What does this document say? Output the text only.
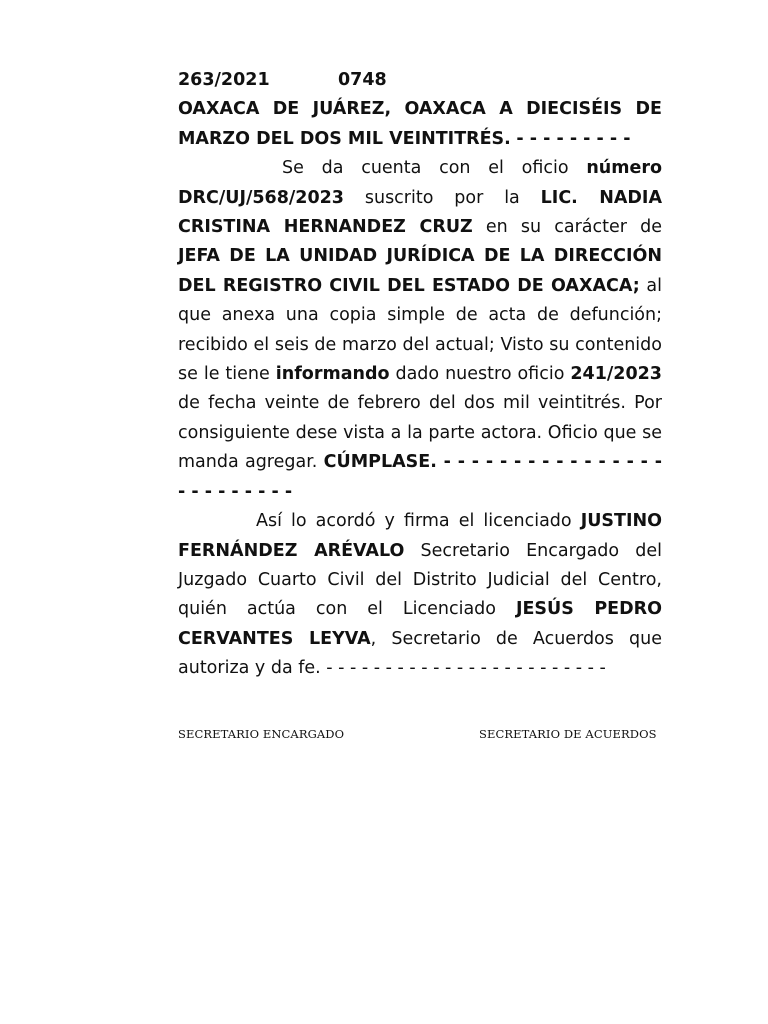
263/2021	0748

OAXACA DE JUÁREZ, OAXACA A DIECISÉIS DE MARZO DEL DOS MIL VEINTITRÉS. - - - - - - - - -

Se da cuenta con el oficio número DRC/UJ/568/2023 suscrito por la LIC. NADIA CRISTINA HERNANDEZ CRUZ en su carácter de JEFA DE LA UNIDAD JURÍDICA DE LA DIRECCIÓN DEL REGISTRO CIVIL DEL ESTADO DE OAXACA; al que anexa una copia simple de acta de defunción; recibido el seis de marzo del actual; Visto su contenido se le tiene informando dado nuestro oficio 241/2023 de fecha veinte de febrero del dos mil veintitrés. Por consiguiente dese vista a la parte actora. Oficio que se manda agregar. CÚMPLASE. - - - - - - - - - - - - - - - - - - - - - - - - -

Así lo acordó y firma el licenciado JUSTINO FERNÁNDEZ ARÉVALO Secretario Encargado del Juzgado Cuarto Civil del Distrito Judicial del Centro, quién actúa con el Licenciado JESÚS PEDRO CERVANTES LEYVA, Secretario de Acuerdos que autoriza y da fe. - - - - - - - - - - - - - - - - - - - - - - - -

SECRETARIO ENCARGADO	SECRETARIO DE ACUERDOS
